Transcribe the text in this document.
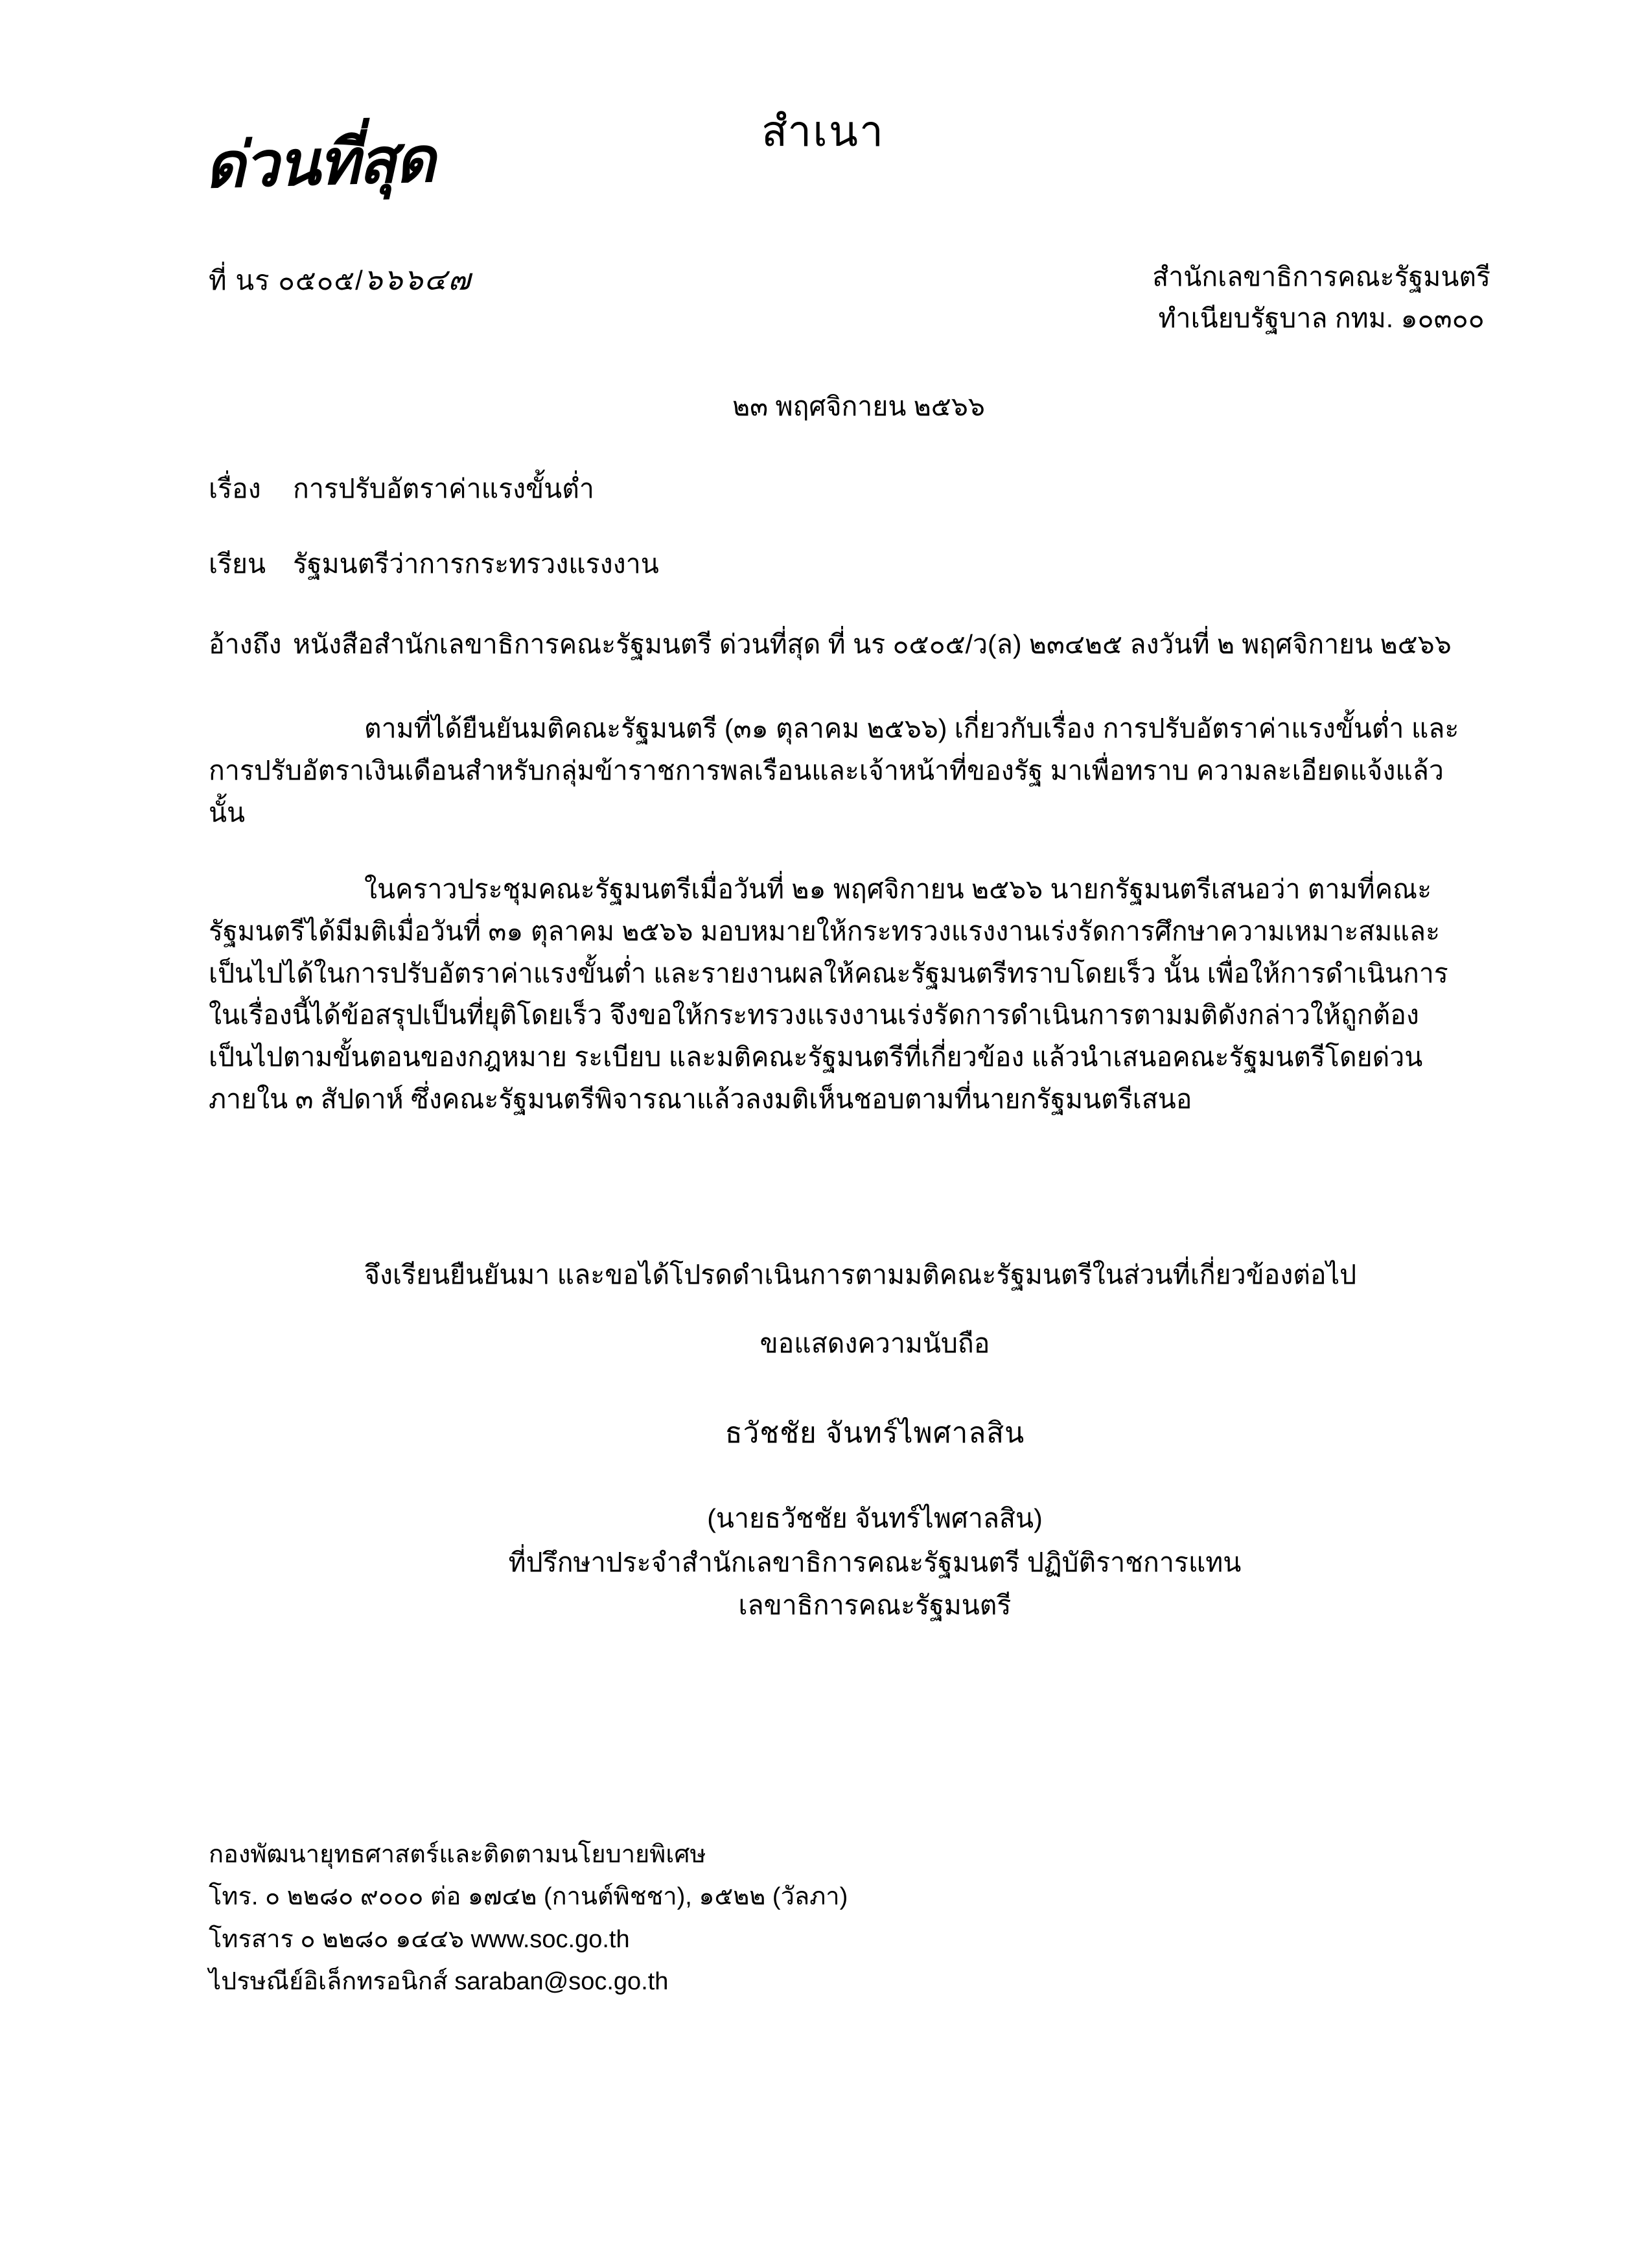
สำเนา
ด่วนที่สุด
ที่ นร ๐๕๐๕/๖๖๖๔๗	สำนักเลขาธิการคณะรัฐมนตรี
ทำเนียบรัฐบาล กทม. ๑๐๓๐๐
๒๓ พฤศจิกายน ๒๕๖๖
เรื่อง การปรับอัตราค่าแรงขั้นต่ำ
เรียน รัฐมนตรีว่าการกระทรวงแรงงาน
อ้างถึง หนังสือสำนักเลขาธิการคณะรัฐมนตรี ด่วนที่สุด ที่ นร ๐๕๐๕/ว(ล) ๒๓๔๒๕ ลงวันที่ ๒ พฤศจิกายน ๒๕๖๖

ตามที่ได้ยืนยันมติคณะรัฐมนตรี (๓๑ ตุลาคม ๒๕๖๖) เกี่ยวกับเรื่อง การปรับอัตราค่าแรงขั้นต่ำ และการปรับอัตราเงินเดือนสำหรับกลุ่มข้าราชการพลเรือนและเจ้าหน้าที่ของรัฐ มาเพื่อทราบ ความละเอียดแจ้งแล้ว นั้น

ในคราวประชุมคณะรัฐมนตรีเมื่อวันที่ ๒๑ พฤศจิกายน ๒๕๖๖ นายกรัฐมนตรีเสนอว่า ตามที่คณะรัฐมนตรีได้มีมติเมื่อวันที่ ๓๑ ตุลาคม ๒๕๖๖ มอบหมายให้กระทรวงแรงงานเร่งรัดการศึกษาความเหมาะสมและเป็นไปได้ในการปรับอัตราค่าแรงขั้นต่ำ และรายงานผลให้คณะรัฐมนตรีทราบโดยเร็ว นั้น เพื่อให้การดำเนินการในเรื่องนี้ได้ข้อสรุปเป็นที่ยุติโดยเร็ว จึงขอให้กระทรวงแรงงานเร่งรัดการดำเนินการตามมติดังกล่าวให้ถูกต้อง เป็นไปตามขั้นตอนของกฎหมาย ระเบียบ และมติคณะรัฐมนตรีที่เกี่ยวข้อง แล้วนำเสนอคณะรัฐมนตรีโดยด่วนภายใน ๓ สัปดาห์ ซึ่งคณะรัฐมนตรีพิจารณาแล้วลงมติเห็นชอบตามที่นายกรัฐมนตรีเสนอ

จึงเรียนยืนยันมา และขอได้โปรดดำเนินการตามมติคณะรัฐมนตรีในส่วนที่เกี่ยวข้องต่อไป

ขอแสดงความนับถือ
ธวัชชัย จันทร์ไพศาลสิน
(นายธวัชชัย จันทร์ไพศาลสิน)
ที่ปรึกษาประจำสำนักเลขาธิการคณะรัฐมนตรี ปฏิบัติราชการแทน
เลขาธิการคณะรัฐมนตรี
กองพัฒนายุทธศาสตร์และติดตามนโยบายพิเศษ
โทร. ๐ ๒๒๘๐ ๙๐๐๐ ต่อ ๑๗๔๒ (กานต์พิชชา), ๑๕๒๒ (วัลภา)
โทรสาร ๐ ๒๒๘๐ ๑๔๔๖ www.soc.go.th
ไปรษณีย์อิเล็กทรอนิกส์ saraban@soc.go.th
